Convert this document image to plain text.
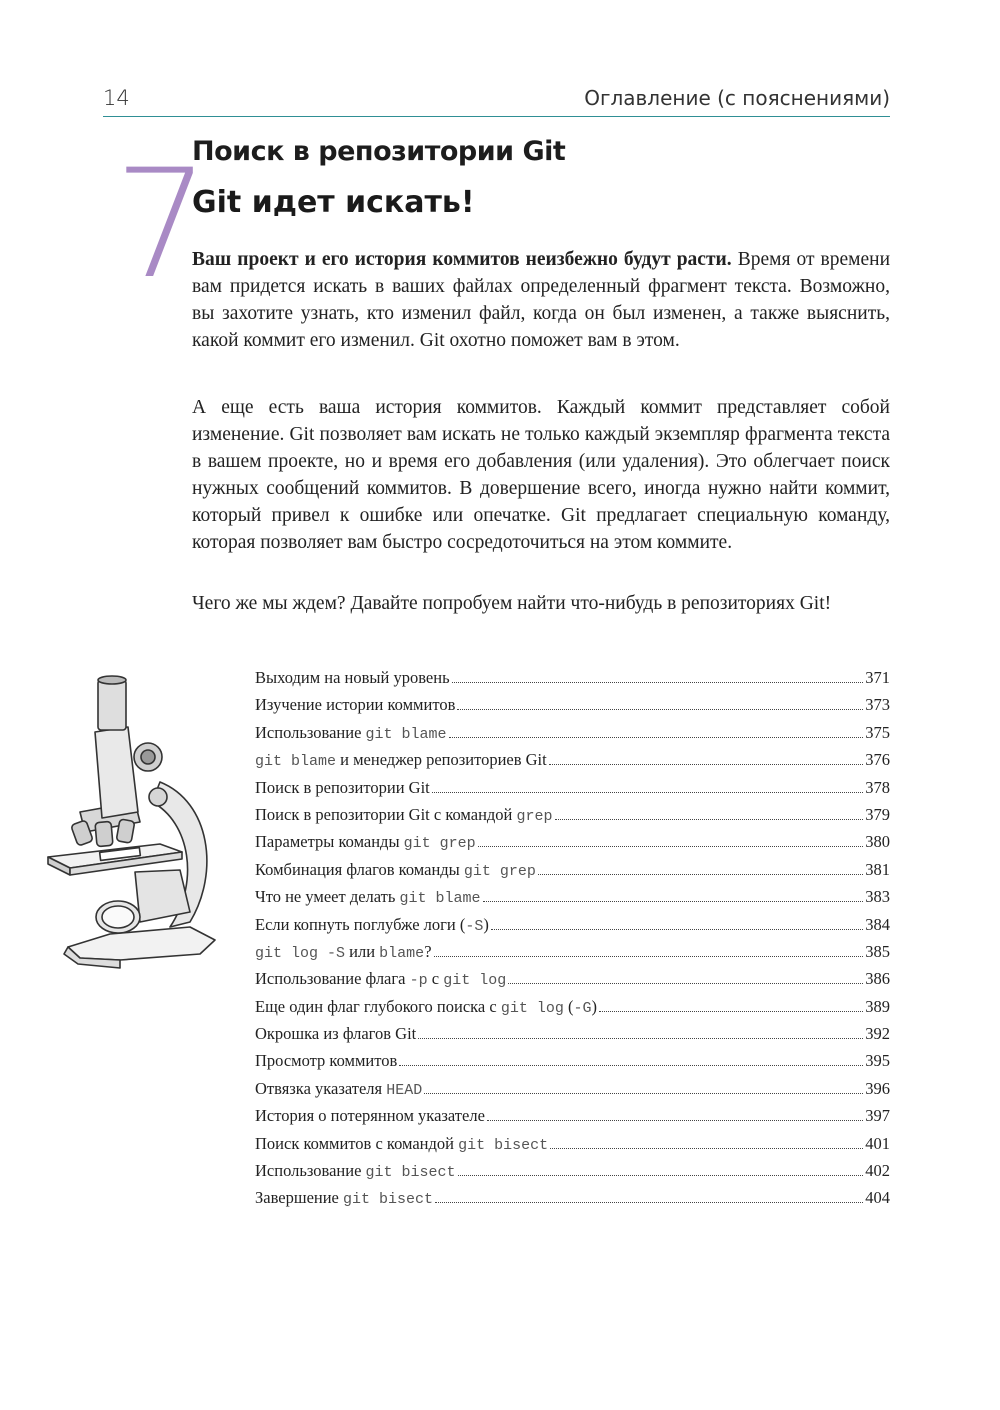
14	Оглавление (с пояснениями)
7
Поиск в репозитории Git
Git идет искать!

Ваш проект и его история коммитов неизбежно будут расти. Время от времени вам придется искать в ваших файлах определенный фрагмент текста. Возможно, вы захотите узнать, кто изменил файл, когда он был изменен, а также выяснить, какой коммит его изменил. Git охотно поможет вам в этом.

А еще есть ваша история коммитов. Каждый коммит представляет собой изменение. Git позволяет вам искать не только каждый экземпляр фрагмента текста в вашем проекте, но и время его добавления (или удаления). Это облегчает поиск нужных сообщений коммитов. В довершение всего, иногда нужно найти коммит, который привел к ошибке или опечатке. Git предлагает специальную команду, которая позволяет вам быстро сосредоточиться на этом коммите.

Чего же мы ждем? Давайте попробуем найти что-нибудь в репозиториях Git!

Выходим на новый уровень	371
Изучение истории коммитов	373
Использование git blame	375
git blame и менеджер репозиториев Git	376
Поиск в репозитории Git	378
Поиск в репозитории Git с командой grep	379
Параметры команды git grep	380
Комбинация флагов команды git grep	381
Что не умеет делать git blame	383
Если копнуть поглубже логи (-S)	384
git log -S или blame?	385
Использование флага -p с git log	386
Еще один флаг глубокого поиска с git log (-G)	389
Окрошка из флагов Git	392
Просмотр коммитов	395
Отвязка указателя HEAD	396
История о потерянном указателе	397
Поиск коммитов с командой git bisect	401
Использование git bisect	402
Завершение git bisect	404
